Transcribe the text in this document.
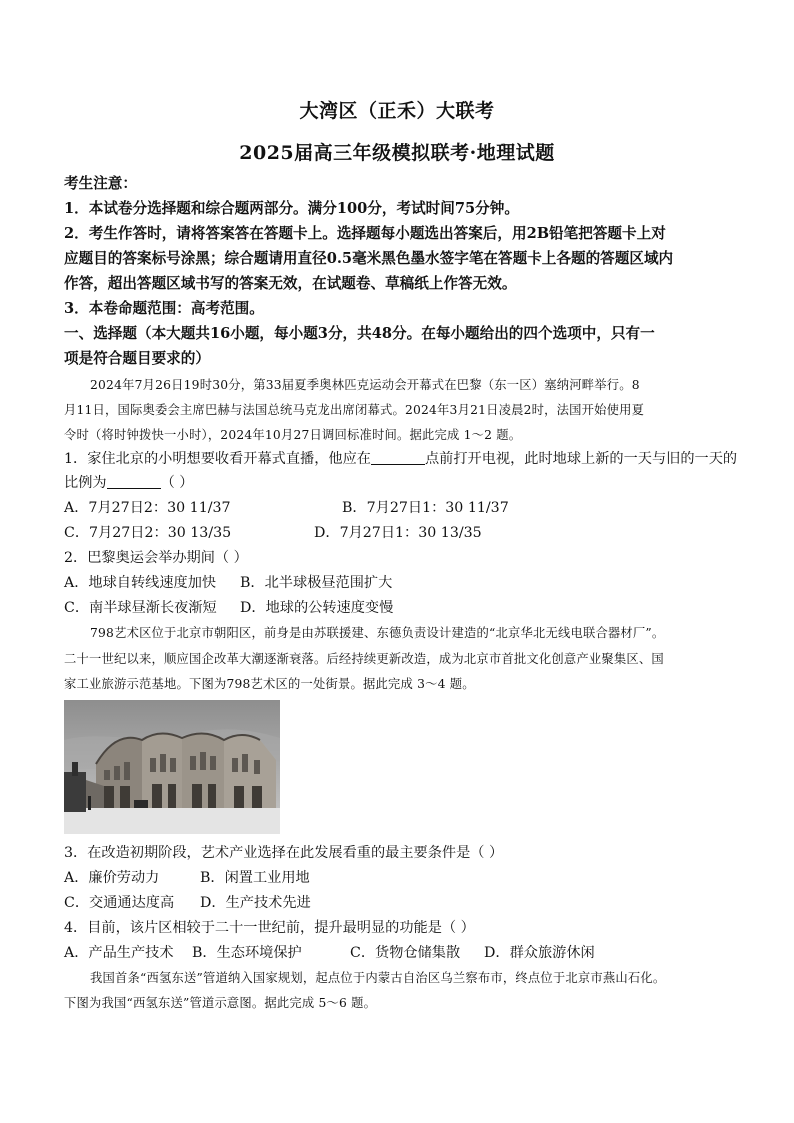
大湾区（正禾）大联考
2025届高三年级模拟联考·地理试题
考生注意：
1．本试卷分选择题和综合题两部分。满分100分，考试时间75分钟。
2．考生作答时，请将答案答在答题卡上。选择题每小题选出答案后，用2B铅笔把答题卡上对
应题目的答案标号涂黑；综合题请用直径0.5毫米黑色墨水签字笔在答题卡上各题的答题区域内
作答，超出答题区域书写的答案无效，在试题卷、草稿纸上作答无效。
3．本卷命题范围：高考范围。
一、选择题（本大题共16小题，每小题3分，共48分。在每小题给出的四个选项中，只有一
项是符合题目要求的）
2024年7月26日19时30分，第33届夏季奥林匹克运动会开幕式在巴黎（东一区）塞纳河畔举行。8
月11日，国际奥委会主席巴赫与法国总统马克龙出席闭幕式。2024年3月21日凌晨2时，法国开始使用夏
令时（将时钟拨快一小时），2024年10月27日调回标准时间。据此完成 1～2 题。
1．家住北京的小明想要收看开幕式直播，他应在	点前打开电视，此时地球上新的一天与旧的一天的
比例为	（ ）
A．7月27日2：30 11/37	B．7月27日1：30 11/37
C．7月27日2：30 13/35	D．7月27日1：30 13/35
2．巴黎奥运会举办期间（ ）
A．地球自转线速度加快 B．北半球极昼范围扩大
C．南半球昼渐长夜渐短 D．地球的公转速度变慢
798艺术区位于北京市朝阳区，前身是由苏联援建、东德负责设计建造的“北京华北无线电联合器材厂”。
二十一世纪以来，顺应国企改革大潮逐渐衰落。后经持续更新改造，成为北京市首批文化创意产业聚集区、国
家工业旅游示范基地。下图为798艺术区的一处街景。据此完成 3～4 题。
3．在改造初期阶段，艺术产业选择在此发展看重的最主要条件是（ ）
A．廉价劳动力	B．闲置工业用地
C．交通通达度高 D．生产技术先进
4．目前，该片区相较于二十一世纪前，提升最明显的功能是（ ）
A．产品生产技术 B．生态环境保护	C．货物仓储集散 D．群众旅游休闲
我国首条“西氢东送”管道纳入国家规划，起点位于内蒙古自治区乌兰察布市，终点位于北京市燕山石化。
下图为我国“西氢东送”管道示意图。据此完成 5～6 题。
